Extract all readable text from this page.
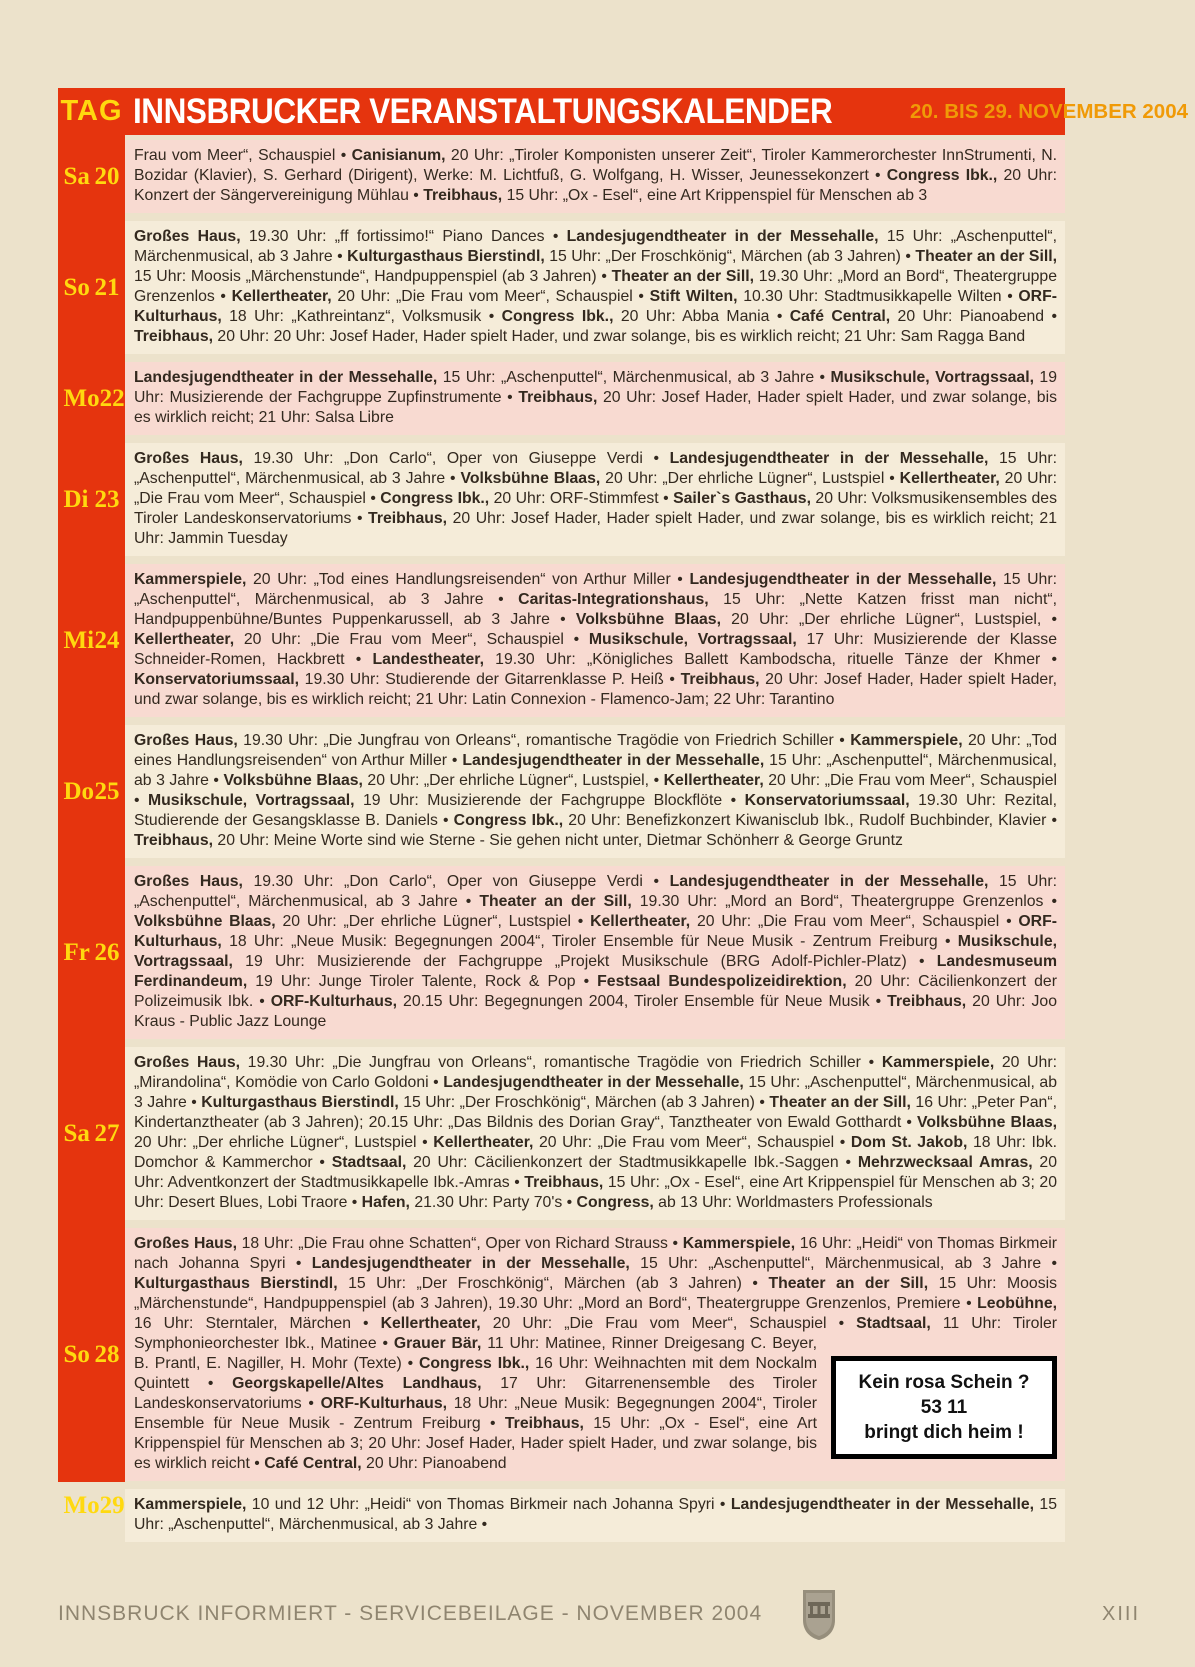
TAG INNSBRUCKER VERANSTALTUNGSKALENDER	20. BIS 29. NOVEMBER 2004
Sa 20
Frau vom Meer“, Schauspiel • Canisianum, 20 Uhr: „Tiroler Komponisten unserer Zeit“, Tiroler Kammerorchester InnStrumenti, N. Bozidar (Klavier), S. Gerhard (Dirigent), Werke: M. Lichtfuß, G. Wolfgang, H. Wisser, Jeunessekonzert • Congress Ibk., 20 Uhr: Konzert der Sängervereinigung Mühlau • Treibhaus, 15 Uhr: „Ox - Esel“, eine Art Krippenspiel für Menschen ab 3
So 21
Großes Haus, 19.30 Uhr: „ff fortissimo!“ Piano Dances • Landesjugendtheater in der Messehalle, 15 Uhr: „Aschenputtel“, Märchenmusical, ab 3 Jahre • Kulturgasthaus Bierstindl, 15 Uhr: „Der Froschkönig“, Märchen (ab 3 Jahren) • Theater an der Sill, 15 Uhr: Moosis „Märchenstunde“, Handpuppenspiel (ab 3 Jahren) • Theater an der Sill, 19.30 Uhr: „Mord an Bord“, Theatergruppe Grenzenlos • Kellertheater, 20 Uhr: „Die Frau vom Meer“, Schauspiel • Stift Wilten, 10.30 Uhr: Stadtmusikkapelle Wilten • ORF-Kulturhaus, 18 Uhr: „Kathreintanz“, Volksmusik • Congress Ibk., 20 Uhr: Abba Mania • Café Central, 20 Uhr: Pianoabend • Treibhaus, 20 Uhr: 20 Uhr: Josef Hader, Hader spielt Hader, und zwar solange, bis es wirklich reicht; 21 Uhr: Sam Ragga Band
Mo 22
Landesjugendtheater in der Messehalle, 15 Uhr: „Aschenputtel“, Märchenmusical, ab 3 Jahre • Musikschule, Vortragssaal, 19 Uhr: Musizierende der Fachgruppe Zupfinstrumente • Treibhaus, 20 Uhr: Josef Hader, Hader spielt Hader, und zwar solange, bis es wirklich reicht; 21 Uhr: Salsa Libre
Di 23
Großes Haus, 19.30 Uhr: „Don Carlo“, Oper von Giuseppe Verdi • Landesjugendtheater in der Messehalle, 15 Uhr: „Aschenputtel“, Märchenmusical, ab 3 Jahre • Volksbühne Blaas, 20 Uhr: „Der ehrliche Lügner“, Lustspiel • Kellertheater, 20 Uhr: „Die Frau vom Meer“, Schauspiel • Congress Ibk., 20 Uhr: ORF-Stimmfest • Sailer`s Gasthaus, 20 Uhr: Volksmusikensembles des Tiroler Landeskonservatoriums • Treibhaus, 20 Uhr: Josef Hader, Hader spielt Hader, und zwar solange, bis es wirklich reicht; 21 Uhr: Jammin Tuesday
Mi 24
Kammerspiele, 20 Uhr: „Tod eines Handlungsreisenden“ von Arthur Miller • Landesjugendtheater in der Messehalle, 15 Uhr: „Aschenputtel“, Märchenmusical, ab 3 Jahre • Caritas-Integrationshaus, 15 Uhr: „Nette Katzen frisst man nicht“, Handpuppenbühne/Buntes Puppenkarussell, ab 3 Jahre • Volksbühne Blaas, 20 Uhr: „Der ehrliche Lügner“, Lustspiel, • Kellertheater, 20 Uhr: „Die Frau vom Meer“, Schauspiel • Musikschule, Vortragssaal, 17 Uhr: Musizierende der Klasse Schneider-Romen, Hackbrett • Landestheater, 19.30 Uhr: „Königliches Ballett Kambodscha, rituelle Tänze der Khmer • Konservatoriumssaal, 19.30 Uhr: Studierende der Gitarrenklasse P. Heiß • Treibhaus, 20 Uhr: Josef Hader, Hader spielt Hader, und zwar solange, bis es wirklich reicht; 21 Uhr: Latin Connexion - Flamenco-Jam; 22 Uhr: Tarantino
Do 25
Großes Haus, 19.30 Uhr: „Die Jungfrau von Orleans“, romantische Tragödie von Friedrich Schiller • Kammerspiele, 20 Uhr: „Tod eines Handlungsreisenden“ von Arthur Miller • Landesjugendtheater in der Messehalle, 15 Uhr: „Aschenputtel“, Märchenmusical, ab 3 Jahre • Volksbühne Blaas, 20 Uhr: „Der ehrliche Lügner“, Lustspiel, • Kellertheater, 20 Uhr: „Die Frau vom Meer“, Schauspiel • Musikschule, Vortragssaal, 19 Uhr: Musizierende der Fachgruppe Blockflöte • Konservatoriumssaal, 19.30 Uhr: Rezital, Studierende der Gesangsklasse B. Daniels • Congress Ibk., 20 Uhr: Benefizkonzert Kiwanisclub Ibk., Rudolf Buchbinder, Klavier • Treibhaus, 20 Uhr: Meine Worte sind wie Sterne - Sie gehen nicht unter, Dietmar Schönherr & George Gruntz
Fr 26
Großes Haus, 19.30 Uhr: „Don Carlo“, Oper von Giuseppe Verdi • Landesjugendtheater in der Messehalle, 15 Uhr: „Aschenputtel“, Märchenmusical, ab 3 Jahre • Theater an der Sill, 19.30 Uhr: „Mord an Bord“, Theatergruppe Grenzenlos • Volksbühne Blaas, 20 Uhr: „Der ehrliche Lügner“, Lustspiel • Kellertheater, 20 Uhr: „Die Frau vom Meer“, Schauspiel • ORF-Kulturhaus, 18 Uhr: „Neue Musik: Begegnungen 2004“, Tiroler Ensemble für Neue Musik - Zentrum Freiburg • Musikschule, Vortragssaal, 19 Uhr: Musizierende der Fachgruppe „Projekt Musikschule (BRG Adolf-Pichler-Platz) • Landesmuseum Ferdinandeum, 19 Uhr: Junge Tiroler Talente, Rock & Pop • Festsaal Bundespolizeidirektion, 20 Uhr: Cäcilienkonzert der Polizeimusik Ibk. • ORF-Kulturhaus, 20.15 Uhr: Begegnungen 2004, Tiroler Ensemble für Neue Musik • Treibhaus, 20 Uhr: Joo Kraus - Public Jazz Lounge
Sa 27
Großes Haus, 19.30 Uhr: „Die Jungfrau von Orleans“, romantische Tragödie von Friedrich Schiller • Kammerspiele, 20 Uhr: „Mirandolina“, Komödie von Carlo Goldoni • Landesjugendtheater in der Messehalle, 15 Uhr: „Aschenputtel“, Märchenmusical, ab 3 Jahre • Kulturgasthaus Bierstindl, 15 Uhr: „Der Froschkönig“, Märchen (ab 3 Jahren) • Theater an der Sill, 16 Uhr: „Peter Pan“, Kindertanztheater (ab 3 Jahren); 20.15 Uhr: „Das Bildnis des Dorian Gray“, Tanztheater von Ewald Gotthardt • Volksbühne Blaas, 20 Uhr: „Der ehrliche Lügner“, Lustspiel • Kellertheater, 20 Uhr: „Die Frau vom Meer“, Schauspiel • Dom St. Jakob, 18 Uhr: Ibk. Domchor & Kammerchor • Stadtsaal, 20 Uhr: Cäcilienkonzert der Stadtmusikkapelle Ibk.-Saggen • Mehrzwecksaal Amras, 20 Uhr: Adventkonzert der Stadtmusikkapelle Ibk.-Amras • Treibhaus, 15 Uhr: „Ox - Esel“, eine Art Krippenspiel für Menschen ab 3; 20 Uhr: Desert Blues, Lobi Traore • Hafen, 21.30 Uhr: Party 70's • Congress, ab 13 Uhr: Worldmasters Professionals
So 28
Kein rosa Schein ?
53 11
bringt dich heim !
Großes Haus, 18 Uhr: „Die Frau ohne Schatten“, Oper von Richard Strauss • Kammerspiele, 16 Uhr: „Heidi“ von Thomas Birkmeir nach Johanna Spyri • Landesjugendtheater in der Messehalle, 15 Uhr: „Aschenputtel“, Märchenmusical, ab 3 Jahre • Kulturgasthaus Bierstindl, 15 Uhr: „Der Froschkönig“, Märchen (ab 3 Jahren) • Theater an der Sill, 15 Uhr: Moosis „Märchenstunde“, Handpuppenspiel (ab 3 Jahren), 19.30 Uhr: „Mord an Bord“, Theatergruppe Grenzenlos, Premiere • Leobühne, 16 Uhr: Sterntaler, Märchen • Kellertheater, 20 Uhr: „Die Frau vom Meer“, Schauspiel • Stadtsaal, 11 Uhr: Tiroler Symphonieorchester Ibk., Matinee • Grauer Bär, 11 Uhr: Matinee, Rinner Dreigesang C. Beyer, B. Prantl, E. Nagiller, H. Mohr (Texte) • Congress Ibk., 16 Uhr: Weihnachten mit dem Nockalm Quintett • Georgskapelle/Altes Landhaus, 17 Uhr: Gitarrenensemble des Tiroler Landeskonservatoriums • ORF-Kulturhaus, 18 Uhr: „Neue Musik: Begegnungen 2004“, Tiroler Ensemble für Neue Musik - Zentrum Freiburg • Treibhaus, 15 Uhr: „Ox - Esel“, eine Art Krippenspiel für Menschen ab 3; 20 Uhr: Josef Hader, Hader spielt Hader, und zwar solange, bis es wirklich reicht • Café Central, 20 Uhr: Pianoabend
Mo 29 Kammerspiele, 10 und 12 Uhr: „Heidi“ von Thomas Birkmeir nach Johanna Spyri • Landesjugendtheater in der Messehalle, 15 Uhr: „Aschenputtel“, Märchenmusical, ab 3 Jahre •
INNSBRUCK INFORMIERT - SERVICEBEILAGE - NOVEMBER 2004	XIII
